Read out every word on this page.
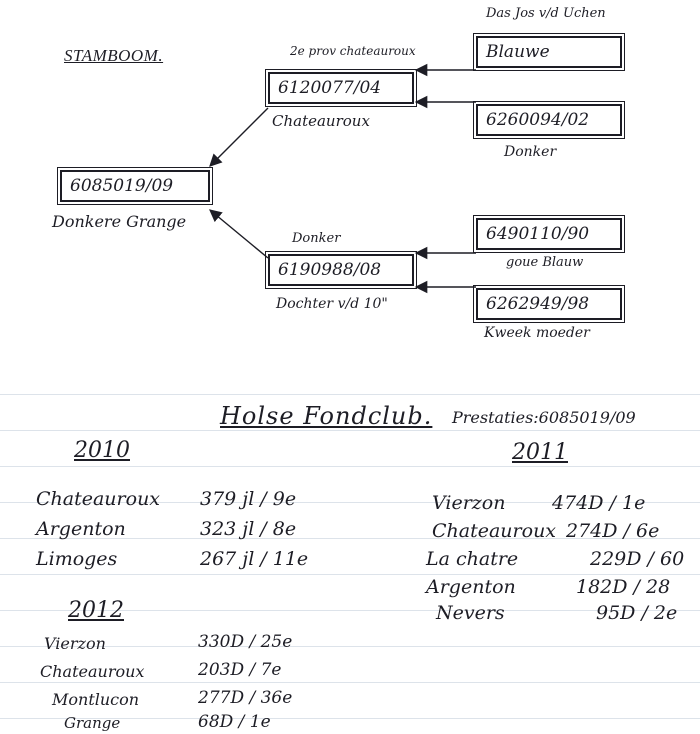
STAMBOOM.
6085019/09
Donkere Grange
2e prov chateauroux
6120077/04
Chateauroux
Donker
6190988/08
Dochter v/d 10"
Das Jos v/d Uchen
Blauwe
6260094/02
Donker
6490110/90
goue Blauw
6262949/98
Kweek moeder
Holse Fondclub. Prestaties:6085019/09
2010
Chateauroux 379 jl / 9e
Argenton	323 jl / 8e
Limoges	267 jl / 11e
2011
Vierzon 474D / 1e
Chateauroux 274D / 6e
La chatre	229D / 60
Argenton	182D / 28
Nevers	95D / 2e
2012
Vierzon	330D / 25e
Chateauroux	203D / 7e
Montlucon	277D / 36e
Grange	68D / 1e
